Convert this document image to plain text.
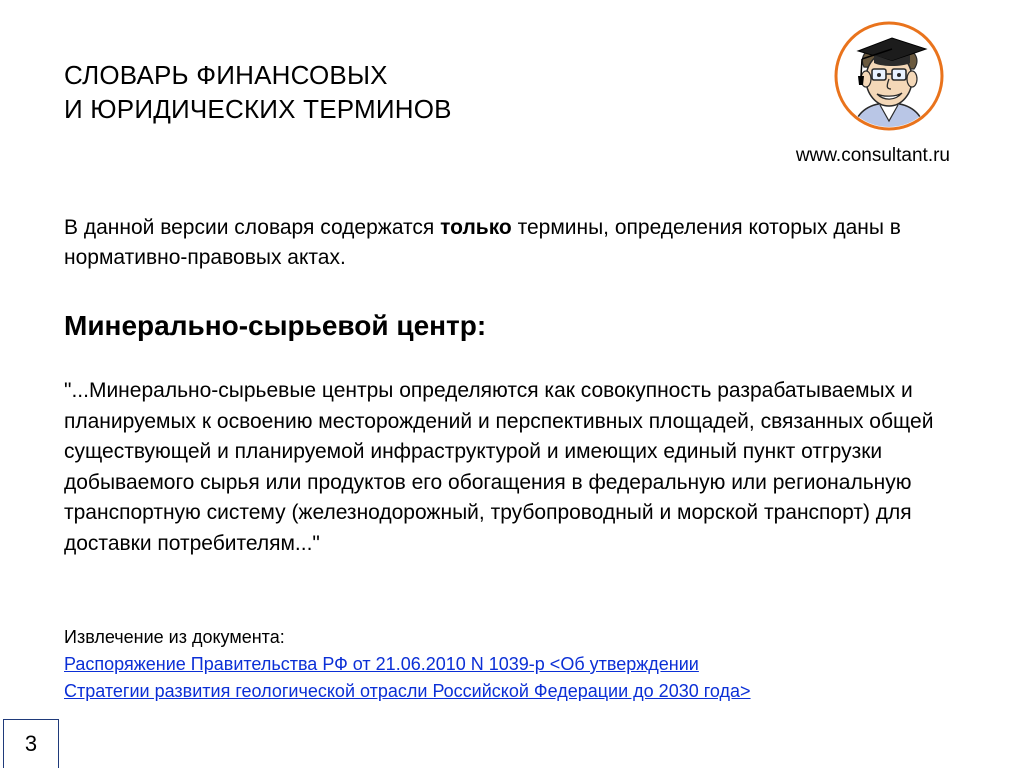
СЛОВАРЬ ФИНАНСОВЫХ
И ЮРИДИЧЕСКИХ ТЕРМИНОВ
www.consultant.ru

В данной версии словаря содержатся только термины, определения которых даны в нормативно-правовых актах.

Минерально-сырьевой центр:

"...Минерально-сырьевые центры определяются как совокупность разрабатываемых и планируемых к освоению месторождений и перспективных площадей, связанных общей существующей и планируемой инфраструктурой и имеющих единый пункт отгрузки добываемого сырья или продуктов его обогащения в федеральную или региональную транспортную систему (железнодорожный, трубопроводный и морской транспорт) для доставки потребителям..."

Извлечение из документа:

Распоряжение Правительства РФ от 21.06.2010 N 1039-р <Об утверждении
Стратегии развития геологической отрасли Российской Федерации до 2030 года>
3
